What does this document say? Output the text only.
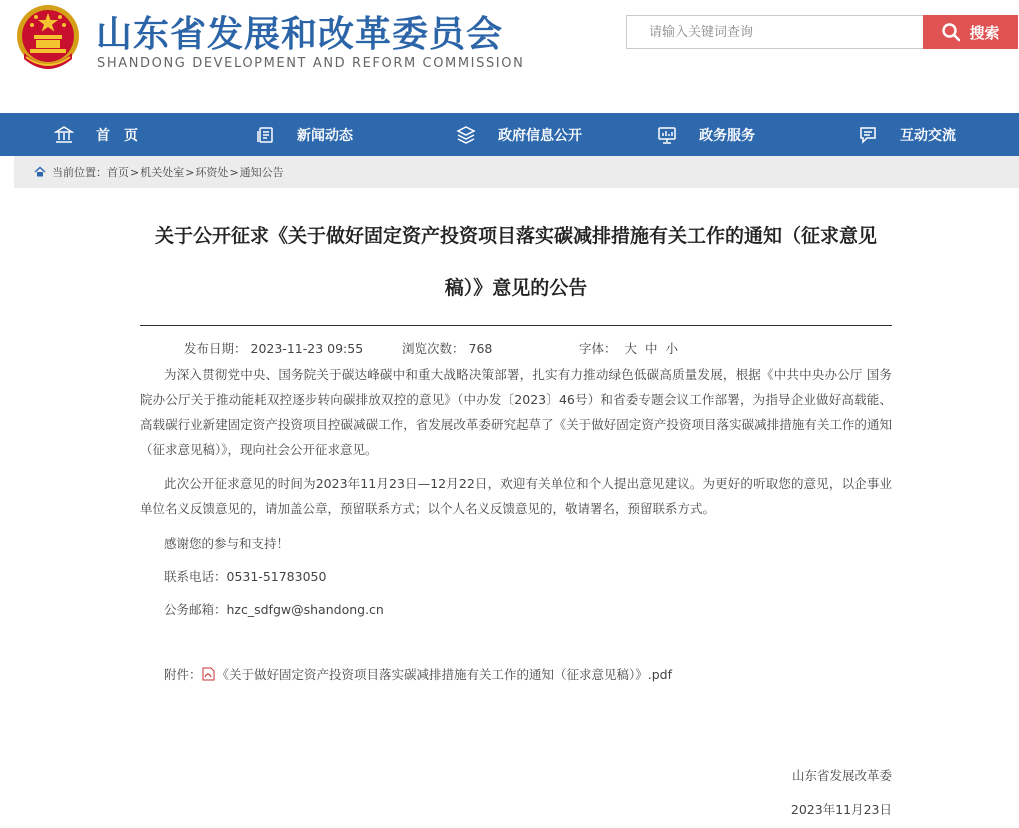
山东省发展和改革委员会
SHANDONG DEVELOPMENT AND REFORM COMMISSION
请输入关键词查询
搜索
首　页	新闻动态	政府信息公开	政务服务	互动交流
当前位置： 首页 > 机关处室 > 环资处 > 通知公告
关于公开征求《关于做好固定资产投资项目落实碳减排措施有关工作的通知（征求意见稿）》意见的公告
发布日期： 2023-11-23 09:55	浏览次数： 768	字体： 大 中 小
为深入贯彻党中央、国务院关于碳达峰碳中和重大战略决策部署，扎实有力推动绿色低碳高质量发展，根据《中共中央办公厅 国务院办公厅关于推动能耗双控逐步转向碳排放双控的意见》（中办发〔2023〕46号）和省委专题会议工作部署，为指导企业做好高载能、高载碳行业新建固定资产投资项目控碳减碳工作，省发展改革委研究起草了《关于做好固定资产投资项目落实碳减排措施有关工作的通知（征求意见稿）》，现向社会公开征求意见。
此次公开征求意见的时间为2023年11月23日—12月22日，欢迎有关单位和个人提出意见建议。为更好的听取您的意见，以企事业单位名义反馈意见的，请加盖公章，预留联系方式；以个人名义反馈意见的，敬请署名，预留联系方式。
感谢您的参与和支持！
联系电话：0531-51783050
公务邮箱：hzc_sdfgw@shandong.cn
附件： 《关于做好固定资产投资项目落实碳减排措施有关工作的通知（征求意见稿）》.pdf
山东省发展改革委
2023年11月23日
